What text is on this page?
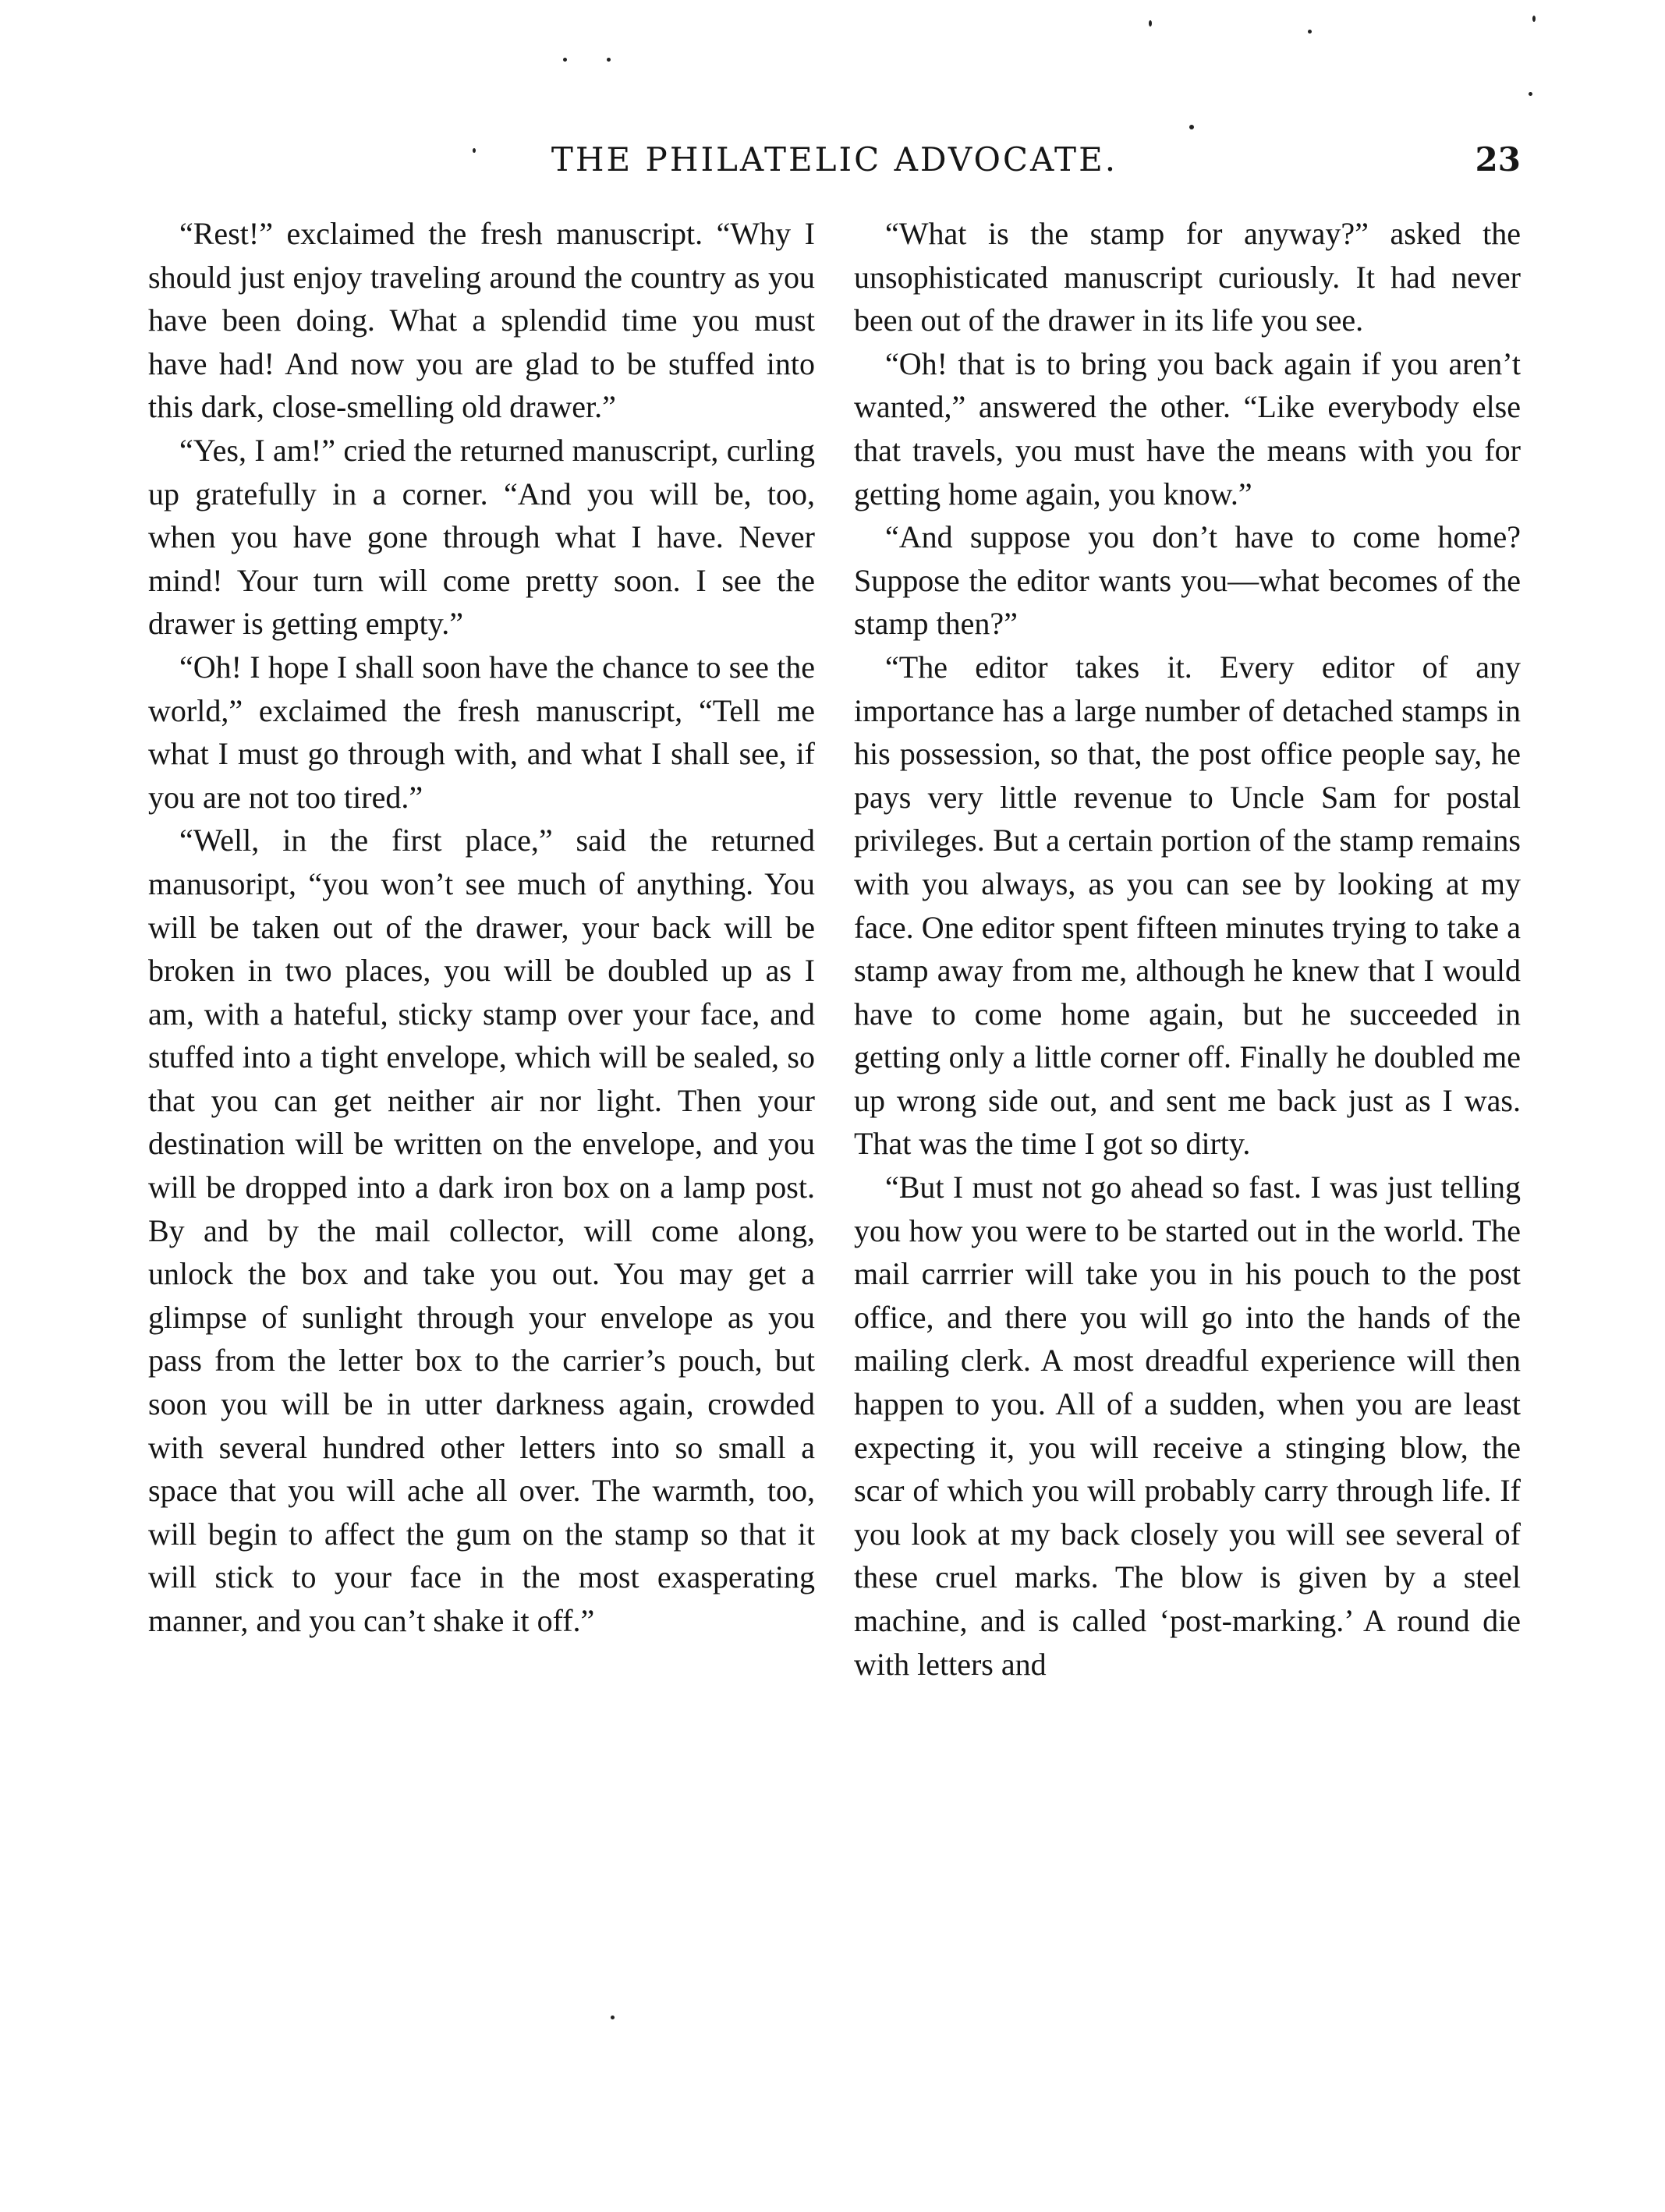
THE PHILATELIC ADVOCATE.	23

“Rest!” exclaimed the fresh manuscript. “Why I should just enjoy traveling around the country as you have been doing. What a splendid time you must have had! And now you are glad to be stuffed into this dark, close-smelling old drawer.”

“Yes, I am!” cried the returned manuscript, curling up gratefully in a corner. “And you will be, too, when you have gone through what I have. Never mind! Your turn will come pretty soon. I see the drawer is getting empty.”

“Oh! I hope I shall soon have the chance to see the world,” exclaimed the fresh manuscript, “Tell me what I must go through with, and what I shall see, if you are not too tired.”

“Well, in the first place,” said the returned manusoript, “you won’t see much of anything. You will be taken out of the drawer, your back will be broken in two places, you will be doubled up as I am, with a hateful, sticky stamp over your face, and stuffed into a tight envelope, which will be sealed, so that you can get neither air nor light. Then your destination will be written on the envelope, and you will be dropped into a dark iron box on a lamp post. By and by the mail collector, will come along, unlock the box and take you out. You may get a glimpse of sunlight through your envelope as you pass from the letter box to the carrier’s pouch, but soon you will be in utter darkness again, crowded with several hundred other letters into so small a space that you will ache all over. The warmth, too, will begin to affect the gum on the stamp so that it will stick to your face in the most exasperating manner, and you can’t shake it off.”

“What is the stamp for anyway?” asked the unsophisticated manuscript curiously. It had never been out of the drawer in its life you see.

“Oh! that is to bring you back again if you aren’t wanted,” answered the other. “Like everybody else that travels, you must have the means with you for getting home again, you know.”

“And suppose you don’t have to come home? Suppose the editor wants you—what becomes of the stamp then?”

“The editor takes it. Every editor of any importance has a large number of detached stamps in his possession, so that, the post office people say, he pays very little revenue to Uncle Sam for postal privileges. But a certain portion of the stamp remains with you always, as you can see by looking at my face. One editor spent fifteen minutes trying to take a stamp away from me, although he knew that I would have to come home again, but he succeeded in getting only a little corner off. Finally he doubled me up wrong side out, and sent me back just as I was. That was the time I got so dirty.

“But I must not go ahead so fast. I was just telling you how you were to be started out in the world. The mail carrrier will take you in his pouch to the post office, and there you will go into the hands of the mailing clerk. A most dreadful experience will then happen to you. All of a sudden, when you are least expecting it, you will receive a stinging blow, the scar of which you will probably carry through life. If you look at my back closely you will see several of these cruel marks. The blow is given by a steel machine, and is called ‘post-marking.’ A round die with letters and
